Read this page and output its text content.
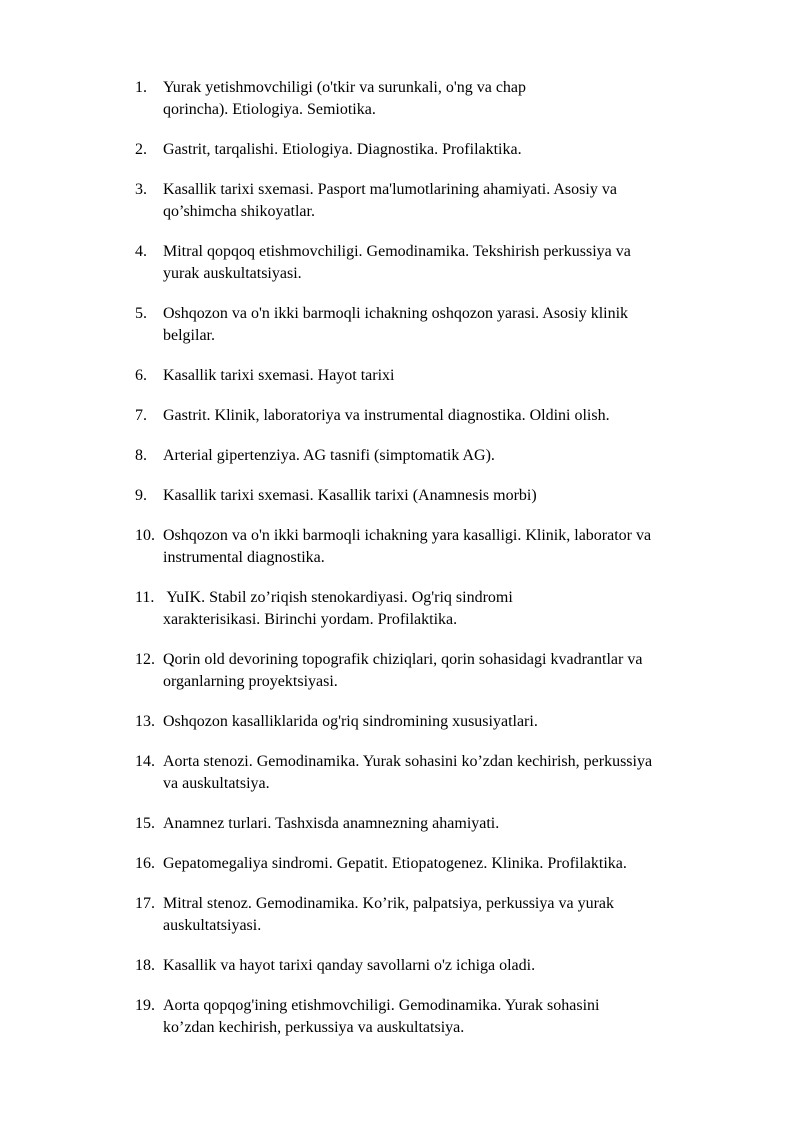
1.	Yurak yetishmovchiligi (o'tkir va surunkali, o'ng va chap
qorincha). Etiologiya. Semiotika.
2.	Gastrit, tarqalishi. Etiologiya. Diagnostika. Profilaktika.
3.	Kasallik tarixi sxemasi. Pasport ma'lumotlarining ahamiyati. Asosiy va
qo’shimcha shikoyatlar.
4.	Mitral qopqoq etishmovchiligi. Gemodinamika. Tekshirish perkussiya va
yurak auskultatsiyasi.
5.	Oshqozon va o'n ikki barmoqli ichakning oshqozon yarasi. Asosiy klinik
belgilar.
6.	Kasallik tarixi sxemasi. Hayot tarixi
7.	Gastrit. Klinik, laboratoriya va instrumental diagnostika. Oldini olish.
8.	Arterial gipertenziya. AG tasnifi (simptomatik AG).
9.	Kasallik tarixi sxemasi. Kasallik tarixi (Anamnesis morbi)
10. Oshqozon va o'n ikki barmoqli ichakning yara kasalligi. Klinik, laborator va
instrumental diagnostika.
11. YuIK. Stabil zo’riqish stenokardiyasi. Og'riq sindromi
xarakterisikasi. Birinchi yordam. Profilaktika.
12. Qorin old devorining topografik chiziqlari, qorin sohasidagi kvadrantlar va
organlarning proyektsiyasi.
13. Oshqozon kasalliklarida og'riq sindromining xususiyatlari.
14. Aorta stenozi. Gemodinamika. Yurak sohasini ko’zdan kechirish, perkussiya
va auskultatsiya.
15. Anamnez turlari. Tashxisda anamnezning ahamiyati.
16. Gepatomegaliya sindromi. Gepatit. Etiopatogenez. Klinika. Profilaktika.
17. Mitral stenoz. Gemodinamika. Ko’rik, palpatsiya, perkussiya va yurak
auskultatsiyasi.
18. Kasallik va hayot tarixi qanday savollarni o'z ichiga oladi.
19. Aorta qopqog'ining etishmovchiligi. Gemodinamika. Yurak sohasini
ko’zdan kechirish, perkussiya va auskultatsiya.
